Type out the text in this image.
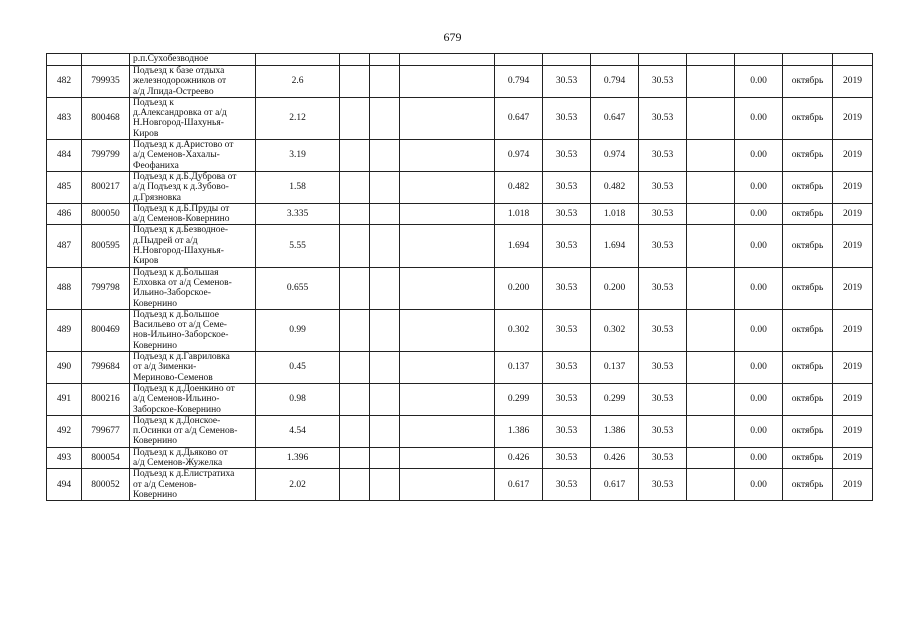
679
		р.п.Сухобезводное												
482	799935	Подъезд к базе отдыха
железнодорожников от
а/д Лпида-Остреево	2.6				0.794	30.53	0.794	30.53		0.00	октябрь	2019
483	800468	Подъезд к
д.Александровка от а/д
Н.Новгород-Шахунья-
Киров	2.12				0.647	30.53	0.647	30.53		0.00	октябрь	2019
484	799799	Подъезд к д.Аристово от
а/д Семенов-Хахалы-
Феофаниха	3.19				0.974	30.53	0.974	30.53		0.00	октябрь	2019
485	800217	Подъезд к д.Б.Дуброва от
а/д Подъезд к д.Зубово-
д.Грязновка	1.58				0.482	30.53	0.482	30.53		0.00	октябрь	2019
486	800050	Подъезд к д.Б.Пруды от
а/д Семенов-Ковернино	3.335				1.018	30.53	1.018	30.53		0.00	октябрь	2019
487	800595	Подъезд к д.Безводное-
д.Пыдрей от а/д
Н.Новгород-Шахунья-
Киров	5.55				1.694	30.53	1.694	30.53		0.00	октябрь	2019
488	799798	Подъезд к д.Большая
Елховка от а/д Семенов-
Ильино-Заборское-
Ковернино	0.655				0.200	30.53	0.200	30.53		0.00	октябрь	2019
489	800469	Подъезд к д.Большое
Васильево от а/д Семе-
нов-Ильино-Заборское-
Ковернино	0.99				0.302	30.53	0.302	30.53		0.00	октябрь	2019
490	799684	Подъезд к д.Гавриловка
от а/д Зименки-
Мериново-Семенов	0.45				0.137	30.53	0.137	30.53		0.00	октябрь	2019
491	800216	Подъезд к д.Доенкино от
а/д Семенов-Ильино-
Заборское-Ковернино	0.98				0.299	30.53	0.299	30.53		0.00	октябрь	2019
492	799677	Подъезд к д.Донское-
п.Осинки от а/д Семенов-
Ковернино	4.54				1.386	30.53	1.386	30.53		0.00	октябрь	2019
493	800054	Подъезд к д.Дьяково от
а/д Семенов-Жужелка	1.396				0.426	30.53	0.426	30.53		0.00	октябрь	2019
494	800052	Подъезд к д.Елистратиха
от а/д Семенов-
Ковернино	2.02				0.617	30.53	0.617	30.53		0.00	октябрь	2019
